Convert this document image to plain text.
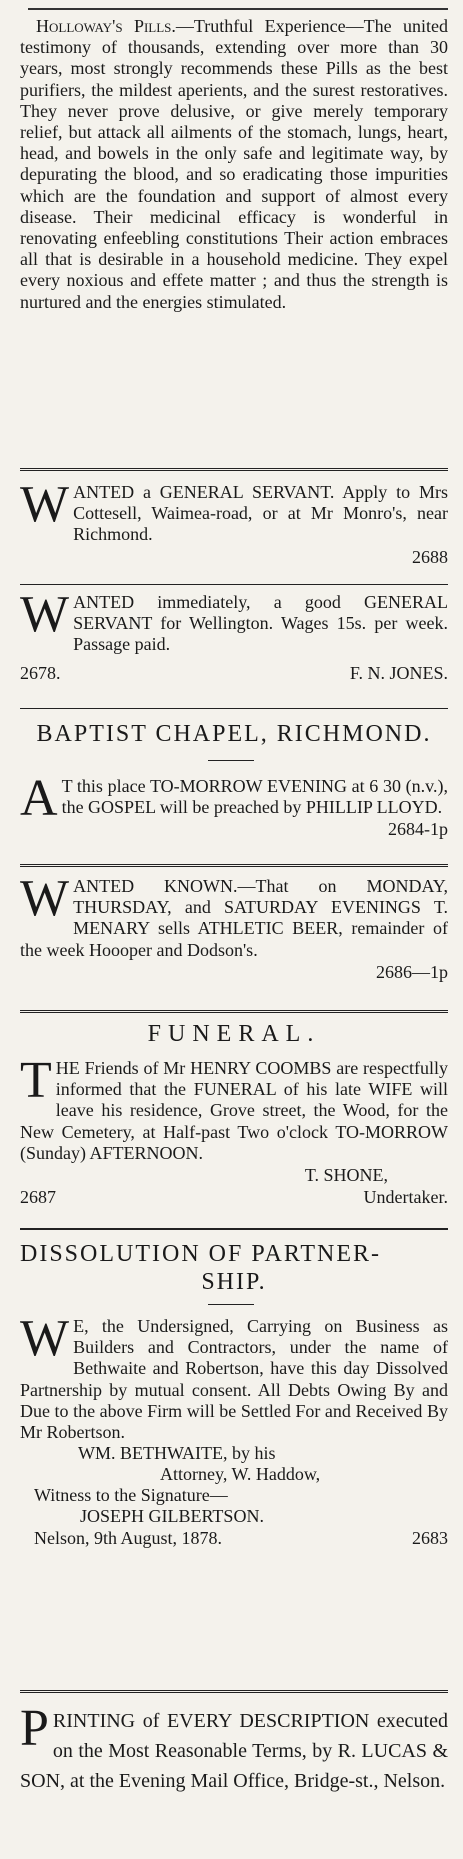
Holloway's Pills.—Truthful Experience—The united testimony of thousands, extending over more than 30 years, most strongly recommends these Pills as the best purifiers, the mildest aperients, and the surest restoratives. They never prove delusive, or give merely temporary relief, but attack all ailments of the stomach, lungs, heart, head, and bowels in the only safe and legitimate way, by depurating the blood, and so eradicating those impurities which are the foundation and support of almost every disease. Their medicinal efficacy is wonderful in renovating enfeebling constitutions Their action embraces all that is desirable in a household medicine. They expel every noxious and effete matter ; and thus the strength is nurtured and the energies stimulated.

WANTED a GENERAL SERVANT. Apply to Mrs Cottesell, Waimea-road, or at Mr Monro's, near Richmond.

2688

WANTED immediately, a good GENERAL SERVANT for Wellington. Wages 15s. per week. Passage paid.

2678.	F. N. JONES.
BAPTIST CHAPEL, RICHMOND.

A T this place TO-MORROW EVENING at 6 30 (n.v.), the GOSPEL will be preached by PHILLIP LLOYD.

2684-1p

WANTED KNOWN.—That on MONDAY, THURSDAY, and SATURDAY EVENINGS T. MENARY sells ATHLETIC BEER, remainder of the week Hoooper and Dodson's.

2686—1p
FUNERAL.

THE Friends of Mr HENRY COOMBS are respectfully informed that the FUNERAL of his late WIFE will leave his residence, Grove street, the Wood, for the New Cemetery, at Half-past Two o'clock TO-MORROW (Sunday) AFTERNOON.

T. SHONE,
2687	Undertaker.
DISSOLUTION OF PARTNER-
SHIP.

W E, the Undersigned, Carrying on Business as Builders and Contractors, under the name of Bethwaite and Robertson, have this day Dissolved Partnership by mutual consent. All Debts Owing By and Due to the above Firm will be Settled For and Received By Mr Robertson.

WM. BETHWAITE, by his
Attorney, W. Haddow,
Witness to the Signature—
JOSEPH GILBERTSON.
Nelson, 9th August, 1878.	2683

PRINTING of EVERY DESCRIPTION executed on the Most Reasonable Terms, by R. LUCAS & SON, at the Evening Mail Office, Bridge-st., Nelson.
